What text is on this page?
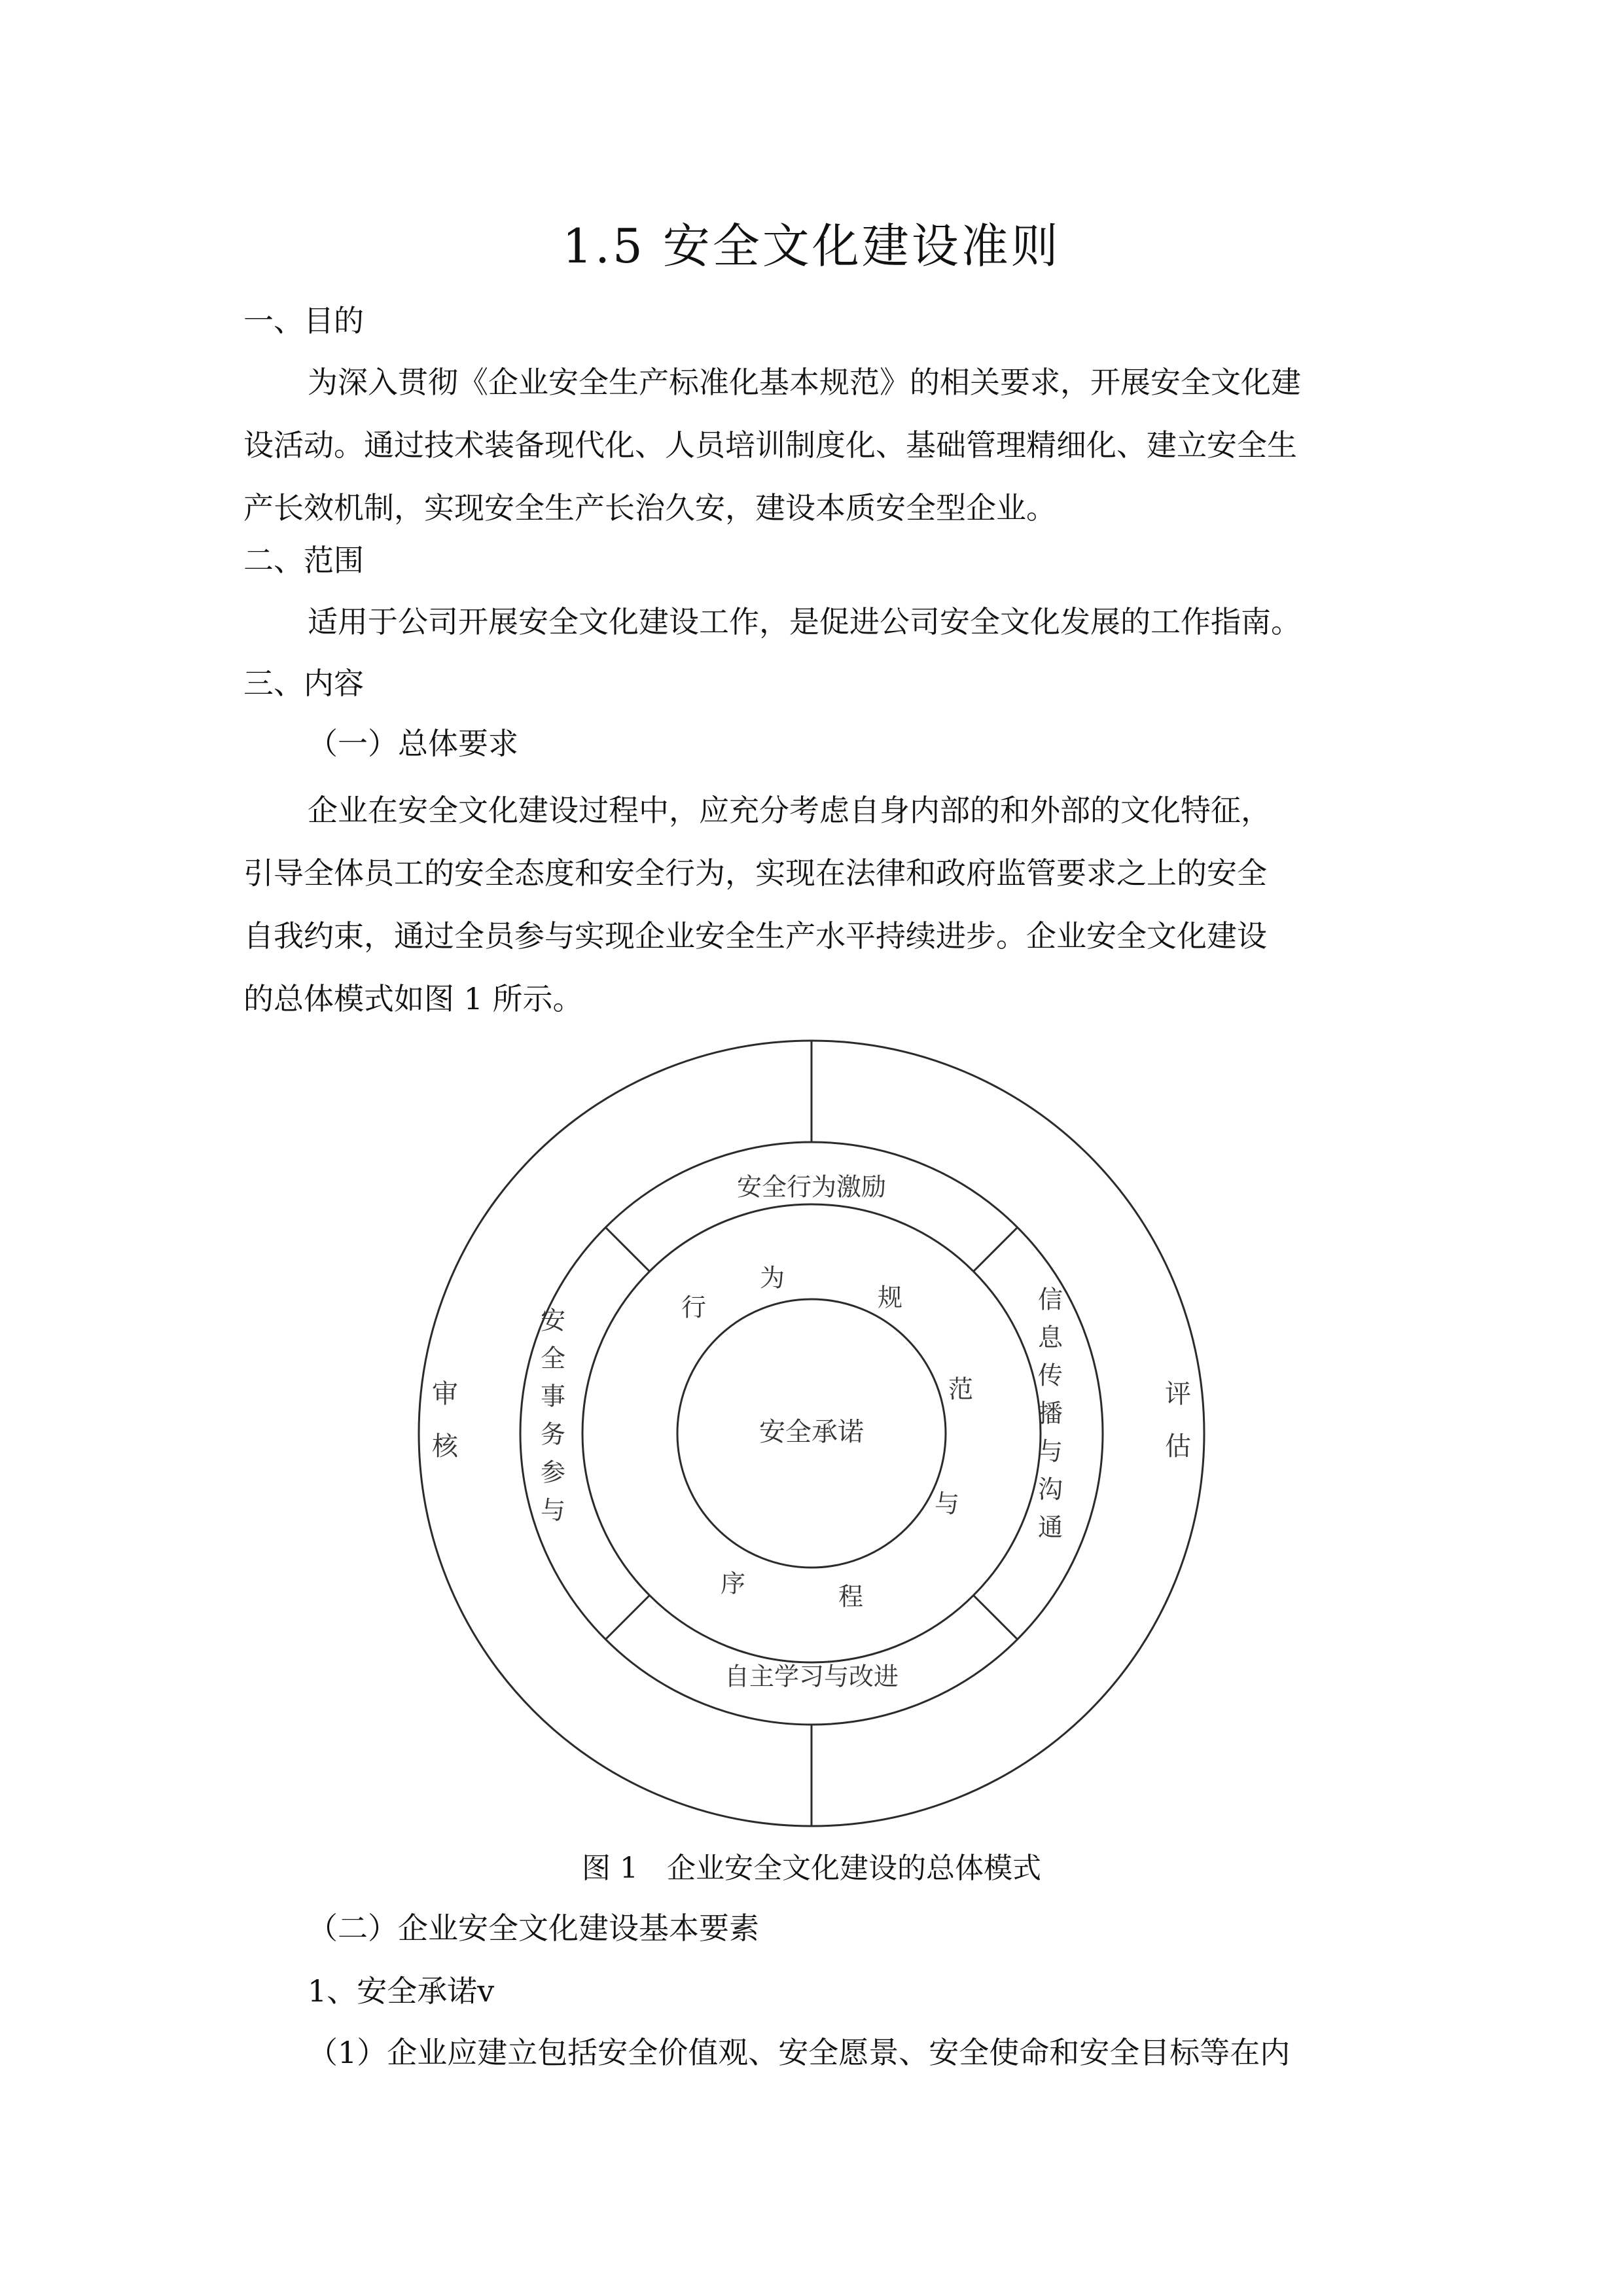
1.5 安全文化建设准则
一、目的
为深入贯彻《企业安全生产标准化基本规范》的相关要求，开展安全文化建
设活动。通过技术装备现代化、人员培训制度化、基础管理精细化、建立安全生
产长效机制，实现安全生产长治久安，建设本质安全型企业。
二、范围
适用于公司开展安全文化建设工作，是促进公司安全文化发展的工作指南。
三、内容
（一）总体要求
企业在安全文化建设过程中，应充分考虑自身内部的和外部的文化特征，
引导全体员工的安全态度和安全行为，实现在法律和政府监管要求之上的安全
自我约束，通过全员参与实现企业安全生产水平持续进步。企业安全文化建设
的总体模式如图 1 所示。
安全承诺
行
为
规
范
与
程
序
安全行为激励
自主学习与改进
安
全
事
务
参
与
信
息
传
播
与
沟
通
审
核
评
估
图 1　企业安全文化建设的总体模式
（二）企业安全文化建设基本要素
1、安全承诺v
（1）企业应建立包括安全价值观、安全愿景、安全使命和安全目标等在内
